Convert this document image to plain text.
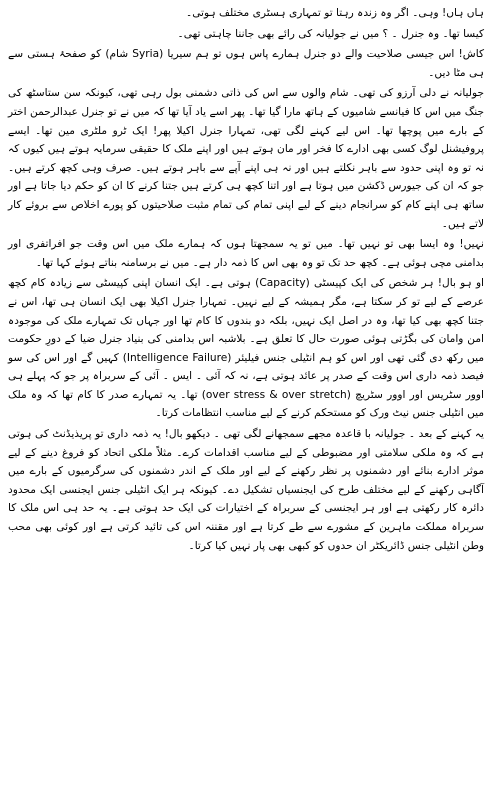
ہاں ہاں! وہی۔ اگر وہ زندہ رہتا تو تمہاری ہسٹری مختلف ہوتی۔

کیسا تھا۔ وہ جنرل ۔ ؟ میں نے جولیانہ کی رائے بھی جاننا چاہتی تھی۔

کاش! اس جیسی صلاحیت والے دو جنرل ہمارے پاس ہوں تو ہم سیریا (Syria شام) کو صفحۂ ہستی سے ہی مٹا دیں۔

جولیانہ نے دلی آرزو کی تھی۔ شام والوں سے اس کی ذاتی دشمنی بول رہی تھی، کیونکہ سن ستاسٹھ کی جنگ میں اس کا فیانسے شامیوں کے ہاتھ مارا گیا تھا۔ پھر اسے یاد آیا تھا کہ میں نے تو جنرل عبدالرحمن اختر کے بارے میں پوچھا تھا۔ اس لیے کہنے لگی تھی، تمہارا جنرل اکیلا پھر! ایک ٹرو ملٹری مین تھا۔ ایسے پروفیشنل لوگ کسی بھی ادارے کا فخر اور مان ہوتے ہیں اور اپنے ملک کا حقیقی سرمایہ ہوتے ہیں کیوں کہ نہ تو وہ اپنی حدود سے باہر نکلتے ہیں اور نہ ہی اپنے آپے سے باہر ہوتے ہیں۔ صرف وہی کچھ کرتے ہیں۔ جو کہ ان کی جیورس ڈکشن میں ہوتا ہے اور اتنا کچھ ہی کرتے ہیں جتنا کرنے کا ان کو حکم دیا جاتا ہے اور ساتھ ہی اپنے کام کو سرانجام دینے کے لیے اپنی تمام کی تمام مثبت صلاحیتوں کو پورے اخلاص سے بروئے کار لاتے ہیں۔

نہیں! وہ ایسا بھی تو نہیں تھا۔ میں تو یہ سمجھتا ہوں کہ ہمارے ملک میں اس وقت جو افراتفری اور بدامنی مچی ہوئی ہے۔ کچھ حد تک تو وہ بھی اس کا ذمہ دار ہے۔ میں نے برسامنہ بناتے ہوئے کہا تھا۔

او ہو بال! ہر شخص کی ایک کپیسٹی (Capacity) ہوتی ہے۔ ایک انسان اپنی کپیسٹی سے زیادہ کام کچھ عرصے کے لیے تو کر سکتا ہے، مگر ہمیشہ کے لیے نہیں۔ تمہارا جنرل اکیلا بھی ایک انسان ہی تھا، اس نے جتنا کچھ بھی کیا تھا، وہ در اصل ایک نہیں، بلکہ دو بندوں کا کام تھا اور جہاں تک تمہارے ملک کی موجودہ امن وامان کی بگڑتی ہوئی صورت حال کا تعلق ہے۔ بلاشبہ اس بدامنی کی بنیاد جنرل ضیا کے دورِ حکومت میں رکھ دی گئی تھی اور اس کو ہم انٹیلی جنس فیلیئر (Intelligence Failure) کہیں گے اور اس کی سو فیصد ذمہ داری اس وقت کے صدر پر عائد ہوتی ہے، نہ کہ آئی ۔ ایس ۔ آئی کے سربراہ پر جو کہ پہلے ہی اوور سٹریس اور اوور سٹریچ (over stress & over stretch) تھا۔ یہ تمہارے صدر کا کام تھا کہ وہ ملک میں انٹیلی جنس نیٹ ورک کو مستحکم کرنے کے لیے مناسب انتظامات کرتا۔

یہ کہنے کے بعد ۔ جولیانہ با قاعدہ مجھے سمجھانے لگی تھی ۔ دیکھو بال! یہ ذمہ داری تو پریذیڈنٹ کی ہوتی ہے کہ وہ ملکی سلامتی اور مضبوطی کے لیے مناسب اقدامات کرے۔ مثلاً ملکی اتحاد کو فروغ دینے کے لیے موثر ادارے بنائے اور دشمنوں پر نظر رکھنے کے لیے اور ملک کے اندر دشمنوں کی سرگرمیوں کے بارے میں آگاہی رکھنے کے لیے مختلف طرح کی ایجنسیاں تشکیل دے۔ کیونکہ ہر ایک انٹیلی جنس ایجنسی ایک محدود دائرہ کار رکھتی ہے اور ہر ایجنسی کے سربراہ کے اختیارات کی ایک حد ہوتی ہے۔ یہ حد ہی اس ملک کا سربراہ مملکت ماہرین کے مشورے سے طے کرتا ہے اور مقننہ اس کی تائید کرتی ہے اور کوئی بھی محب وطن انٹیلی جنس ڈائریکٹر ان حدوں کو کبھی بھی پار نہیں کیا کرتا۔
